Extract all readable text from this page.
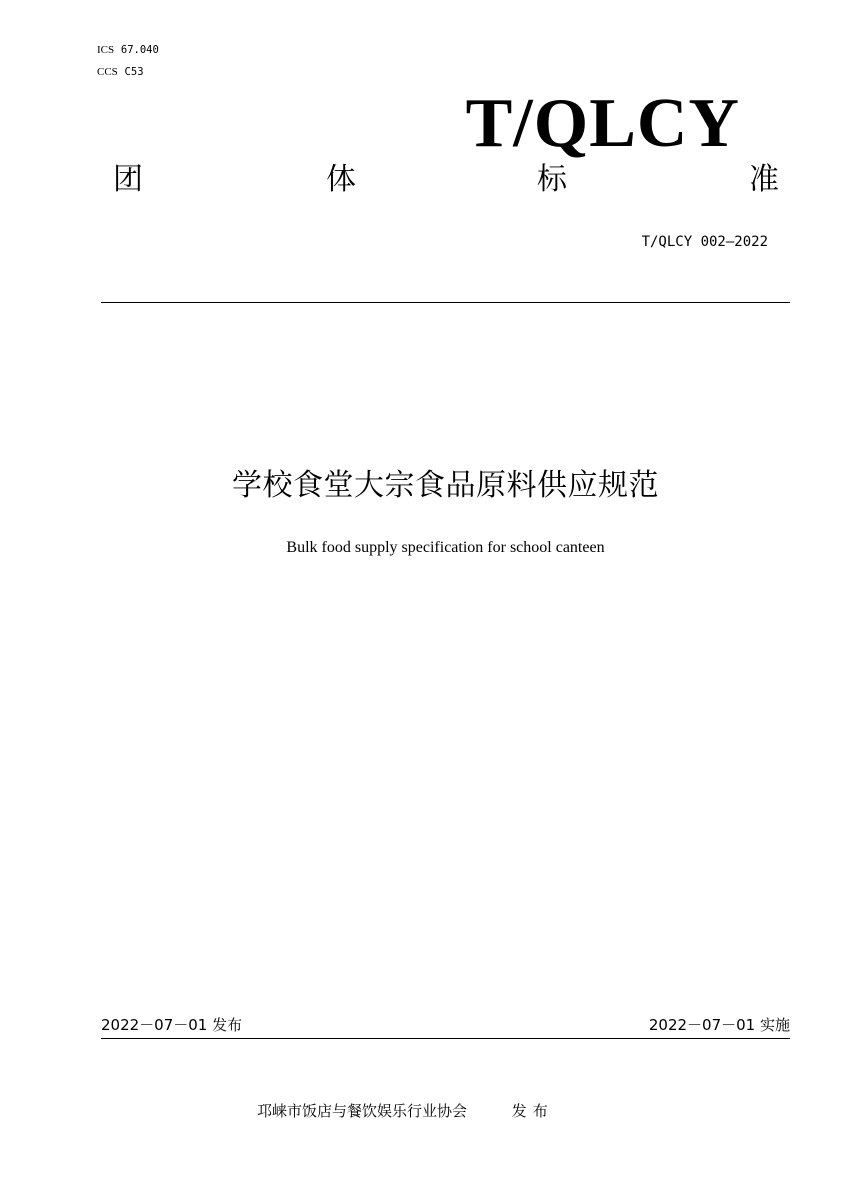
ICS 67.040
CCS C53
T/QLCY
团	体	标	准
T/QLCY 002—2022
学校食堂大宗食品原料供应规范
Bulk food supply specification for school canteen
2022－07－01 发布	2022－07－01 实施
邛崃市饭店与餐饮娱乐行业协会	发布
